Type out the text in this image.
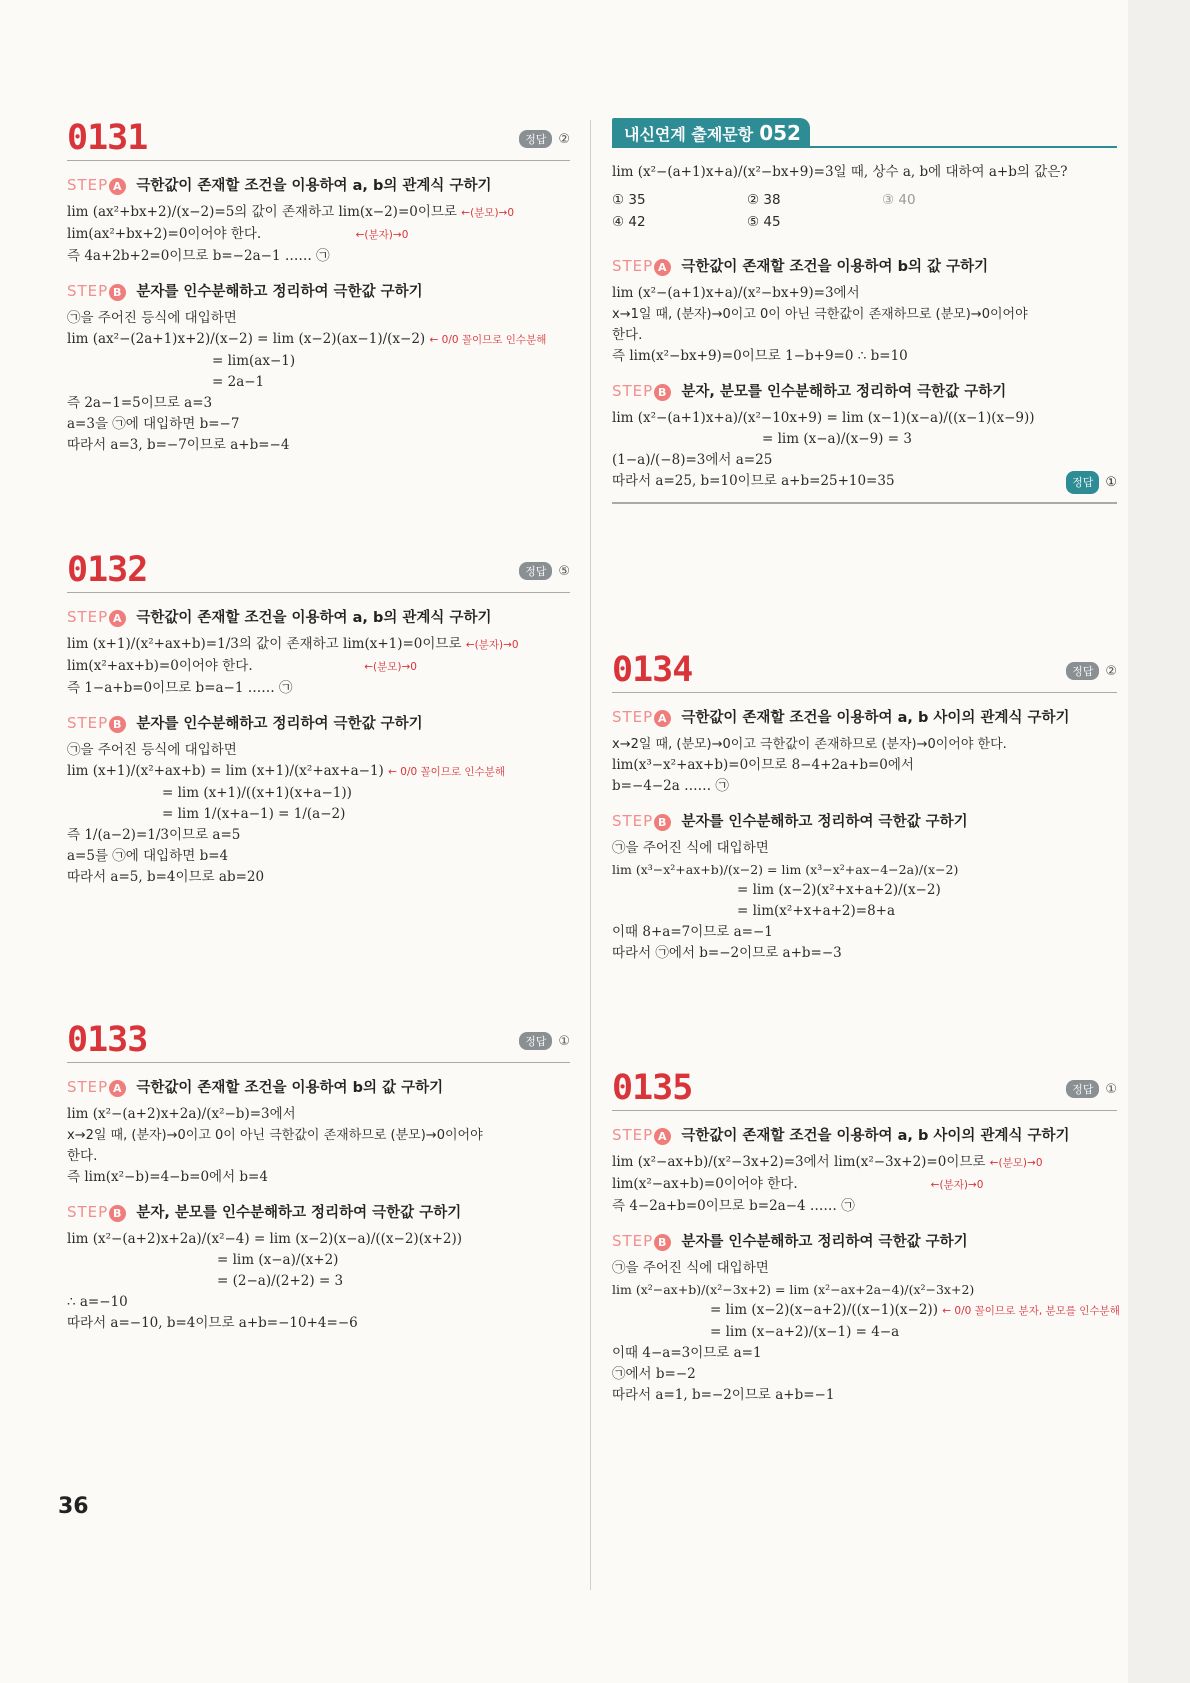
0131	정답 ②
STEP A 극한값이 존재할 조건을 이용하여 a, b의 관계식 구하기
lim (ax²+bx+2)/(x−2)=5의 값이 존재하고 lim(x−2)=0이므로 ←(분모)→0
lim(ax²+bx+2)=0이어야 한다.	←(분자)→0
즉 4a+2b+2=0이므로 b=−2a−1 …… ㉠
STEP B 분자를 인수분해하고 정리하여 극한값 구하기
㉠을 주어진 등식에 대입하면
lim (ax²−(2a+1)x+2)/(x−2) = lim (x−2)(ax−1)/(x−2) ← 0/0 꼴이므로 인수분해
= lim(ax−1)
= 2a−1
즉 2a−1=5이므로 a=3
a=3을 ㉠에 대입하면 b=−7
따라서 a=3, b=−7이므로 a+b=−4
0132	정답 ⑤
STEP A 극한값이 존재할 조건을 이용하여 a, b의 관계식 구하기
lim (x+1)/(x²+ax+b)=1/3의 값이 존재하고 lim(x+1)=0이므로 ←(분자)→0
lim(x²+ax+b)=0이어야 한다.	←(분모)→0
즉 1−a+b=0이므로 b=a−1 …… ㉠
STEP B 분자를 인수분해하고 정리하여 극한값 구하기
㉠을 주어진 등식에 대입하면
lim (x+1)/(x²+ax+b) = lim (x+1)/(x²+ax+a−1) ← 0/0 꼴이므로 인수분해
= lim (x+1)/((x+1)(x+a−1))
= lim 1/(x+a−1) = 1/(a−2)
즉 1/(a−2)=1/3이므로 a=5
a=5를 ㉠에 대입하면 b=4
따라서 a=5, b=4이므로 ab=20
0133	정답 ①
STEP A 극한값이 존재할 조건을 이용하여 b의 값 구하기
lim (x²−(a+2)x+2a)/(x²−b)=3에서
x→2일 때, (분자)→0이고 0이 아닌 극한값이 존재하므로 (분모)→0이어야
한다.
즉 lim(x²−b)=4−b=0에서 b=4
STEP B 분자, 분모를 인수분해하고 정리하여 극한값 구하기
lim (x²−(a+2)x+2a)/(x²−4) = lim (x−2)(x−a)/((x−2)(x+2))
= lim (x−a)/(x+2)
= (2−a)/(2+2) = 3
∴ a=−10
따라서 a=−10, b=4이므로 a+b=−10+4=−6
내신연계 출제문항 052
lim (x²−(a+1)x+a)/(x²−bx+9)=3일 때, 상수 a, b에 대하여 a+b의 값은?
① 35	② 38	③ 40
④ 42	⑤ 45
STEP A 극한값이 존재할 조건을 이용하여 b의 값 구하기
lim (x²−(a+1)x+a)/(x²−bx+9)=3에서
x→1일 때, (분자)→0이고 0이 아닌 극한값이 존재하므로 (분모)→0이어야
한다.
즉 lim(x²−bx+9)=0이므로 1−b+9=0 ∴ b=10
STEP B 분자, 분모를 인수분해하고 정리하여 극한값 구하기
lim (x²−(a+1)x+a)/(x²−10x+9) = lim (x−1)(x−a)/((x−1)(x−9))
= lim (x−a)/(x−9) = 3
(1−a)/(−8)=3에서 a=25
따라서 a=25, b=10이므로 a+b=25+10=35	정답 ①
0134	정답 ②
STEP A 극한값이 존재할 조건을 이용하여 a, b 사이의 관계식 구하기
x→2일 때, (분모)→0이고 극한값이 존재하므로 (분자)→0이어야 한다.
lim(x³−x²+ax+b)=0이므로 8−4+2a+b=0에서
b=−4−2a …… ㉠
STEP B 분자를 인수분해하고 정리하여 극한값 구하기
㉠을 주어진 식에 대입하면
lim (x³−x²+ax+b)/(x−2) = lim (x³−x²+ax−4−2a)/(x−2)
= lim (x−2)(x²+x+a+2)/(x−2)
= lim(x²+x+a+2)=8+a
이때 8+a=7이므로 a=−1
따라서 ㉠에서 b=−2이므로 a+b=−3
0135	정답 ①
STEP A 극한값이 존재할 조건을 이용하여 a, b 사이의 관계식 구하기
lim (x²−ax+b)/(x²−3x+2)=3에서 lim(x²−3x+2)=0이므로 ←(분모)→0
lim(x²−ax+b)=0이어야 한다.	←(분자)→0
즉 4−2a+b=0이므로 b=2a−4 …… ㉠
STEP B 분자를 인수분해하고 정리하여 극한값 구하기
㉠을 주어진 식에 대입하면
lim (x²−ax+b)/(x²−3x+2) = lim (x²−ax+2a−4)/(x²−3x+2)
= lim (x−2)(x−a+2)/((x−1)(x−2)) ← 0/0 꼴이므로 분자, 분모를 인수분해
= lim (x−a+2)/(x−1) = 4−a
이때 4−a=3이므로 a=1
㉠에서 b=−2
따라서 a=1, b=−2이므로 a+b=−1
36
